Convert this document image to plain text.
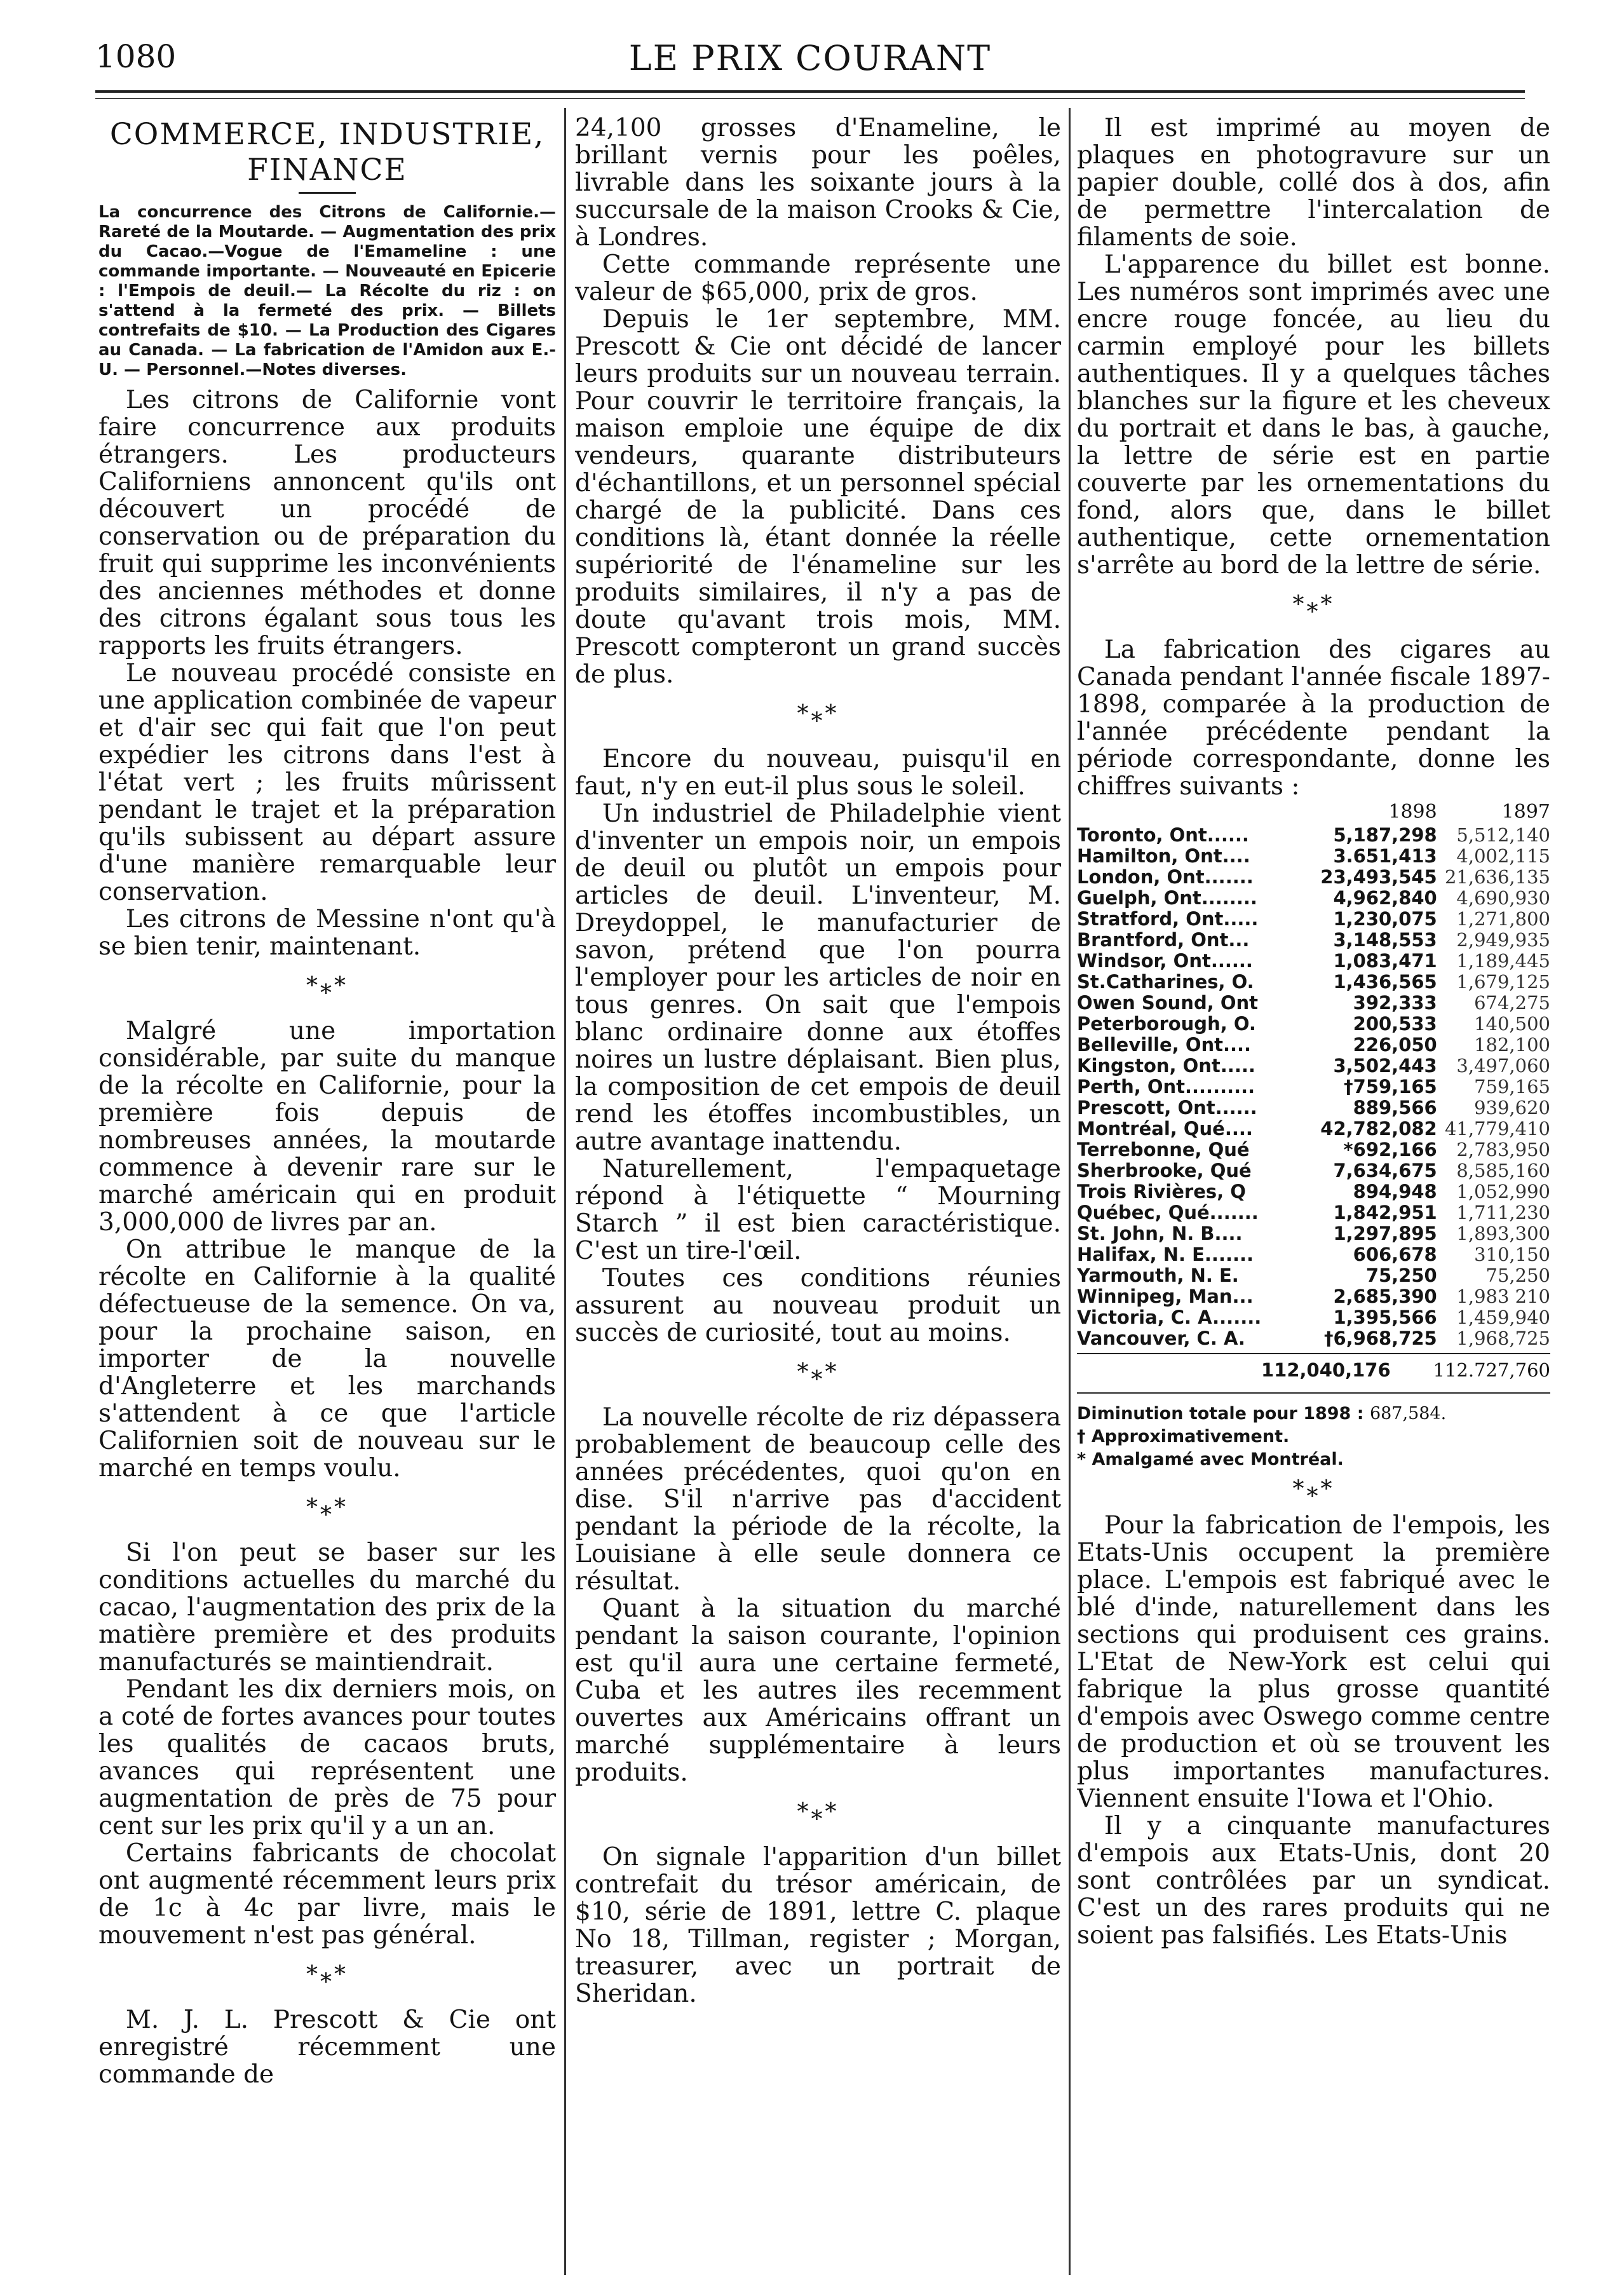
1080	LE PRIX COURANT
COMMERCE, INDUSTRIE,
FINANCE
La concurrence des Citrons de Californie.— Rareté de la Moutarde. — Augmentation des prix du Cacao.—Vogue de l'Emameline : une commande importante. — Nouveauté en Epicerie : l'Empois de deuil.— La Récolte du riz : on s'attend à la fermeté des prix. — Billets contrefaits de $10. — La Production des Cigares au Canada. — La fabrication de l'Amidon aux E.-U. — Personnel.—Notes diverses.

Les citrons de Californie vont faire concurrence aux produits étrangers. Les producteurs Californiens annoncent qu'ils ont découvert un procédé de conservation ou de préparation du fruit qui supprime les inconvénients des anciennes méthodes et donne des citrons égalant sous tous les rapports les fruits étrangers.

Le nouveau procédé consiste en une application combinée de vapeur et d'air sec qui fait que l'on peut expédier les citrons dans l'est à l'état vert ; les fruits mûrissent pendant le trajet et la préparation qu'ils subissent au départ assure d'une manière remarquable leur conservation.

Les citrons de Messine n'ont qu'à se bien tenir, maintenant.

*⁎*

Malgré une importation considérable, par suite du manque de la récolte en Californie, pour la première fois depuis de nombreuses années, la moutarde commence à devenir rare sur le marché américain qui en produit 3,000,000 de livres par an.

On attribue le manque de la récolte en Californie à la qualité défectueuse de la semence. On va, pour la prochaine saison, en importer de la nouvelle d'Angleterre et les marchands s'attendent à ce que l'article Californien soit de nouveau sur le marché en temps voulu.

*⁎*

Si l'on peut se baser sur les conditions actuelles du marché du cacao, l'augmentation des prix de la matière première et des produits manufacturés se maintiendrait.

Pendant les dix derniers mois, on a coté de fortes avances pour toutes les qualités de cacaos bruts, avances qui représentent une augmentation de près de 75 pour cent sur les prix qu'il y a un an.

Certains fabricants de chocolat ont augmenté récemment leurs prix de 1c à 4c par livre, mais le mouvement n'est pas général.

*⁎*

M. J. L. Prescott & Cie ont enregistré récemment une commande de

24,100 grosses d'Enameline, le brillant vernis pour les poêles, livrable dans les soixante jours à la succursale de la maison Crooks & Cie, à Londres.

Cette commande représente une valeur de $65,000, prix de gros.

Depuis le 1er septembre, MM. Prescott & Cie ont décidé de lancer leurs produits sur un nouveau terrain. Pour couvrir le territoire français, la maison emploie une équipe de dix vendeurs, quarante distributeurs d'échantillons, et un personnel spécial chargé de la publicité. Dans ces conditions là, étant donnée la réelle supériorité de l'énameline sur les produits similaires, il n'y a pas de doute qu'avant trois mois, MM. Prescott compteront un grand succès de plus.

*⁎*

Encore du nouveau, puisqu'il en faut, n'y en eut-il plus sous le soleil.

Un industriel de Philadelphie vient d'inventer un empois noir, un empois de deuil ou plutôt un empois pour articles de deuil. L'inventeur, M. Dreydoppel, le manufacturier de savon, prétend que l'on pourra l'employer pour les articles de noir en tous genres. On sait que l'empois blanc ordinaire donne aux étoffes noires un lustre déplaisant. Bien plus, la composition de cet empois de deuil rend les étoffes incombustibles, un autre avantage inattendu.

Naturellement, l'empaquetage répond à l'étiquette “ Mourning Starch ” il est bien caractéristique. C'est un tire-l'œil.

Toutes ces conditions réunies assurent au nouveau produit un succès de curiosité, tout au moins.

*⁎*

La nouvelle récolte de riz dépassera probablement de beaucoup celle des années précédentes, quoi qu'on en dise. S'il n'arrive pas d'accident pendant la période de la récolte, la Louisiane à elle seule donnera ce résultat.

Quant à la situation du marché pendant la saison courante, l'opinion est qu'il aura une certaine fermeté, Cuba et les autres iles recemment ouvertes aux Américains offrant un marché supplémentaire à leurs produits.

*⁎*

On signale l'apparition d'un billet contrefait du trésor américain, de $10, série de 1891, lettre C. plaque No 18, Tillman, register ; Morgan, treasurer, avec un portrait de Sheridan.

Il est imprimé au moyen de plaques en photogravure sur un papier double, collé dos à dos, afin de permettre l'intercalation de filaments de soie.

L'apparence du billet est bonne. Les numéros sont imprimés avec une encre rouge foncée, au lieu du carmin employé pour les billets authentiques. Il y a quelques tâches blanches sur la figure et les cheveux du portrait et dans le bas, à gauche, la lettre de série est en partie couverte par les ornementations du fond, alors que, dans le billet authentique, cette ornementation s'arrête au bord de la lettre de série.

*⁎*

La fabrication des cigares au Canada pendant l'année fiscale 1897-1898, comparée à la production de l'année précédente pendant la période correspondante, donne les chiffres suivants :

	1898	1897
Toronto, Ont......	5,187,298	5,512,140
Hamilton, Ont....	3.651,413	4,002,115
London, Ont.......	23,493,545	21,636,135
Guelph, Ont........	4,962,840	4,690,930
Stratford, Ont.....	1,230,075	1,271,800
Brantford, Ont...	3,148,553	2,949,935
Windsor, Ont......	1,083,471	1,189,445
St.Catharines, O.	1,436,565	1,679,125
Owen Sound, Ont	392,333	674,275
Peterborough, O.	200,533	140,500
Belleville, Ont....	226,050	182,100
Kingston, Ont.....	3,502,443	3,497,060
Perth, Ont..........	†759,165	759,165
Prescott, Ont......	889,566	939,620
Montréal, Qué....	42,782,082	41,779,410
Terrebonne, Qué	*692,166	2,783,950
Sherbrooke, Qué	7,634,675	8,585,160
Trois Rivières, Q	894,948	1,052,990
Québec, Qué.......	1,842,951	1,711,230
St. John, N. B....	1,297,895	1,893,300
Halifax, N. E.......	606,678	310,150
Yarmouth, N. E.	75,250	75,250
Winnipeg, Man...	2,685,390	1,983 210
Victoria, C. A.......	1,395,566	1,459,940
Vancouver, C. A.	†6,968,725	1,968,725
112,040,176 112.727,760
Diminution totale pour 1898 : 687,584.
† Approximativement.
* Amalgamé avec Montréal.
*⁎*

Pour la fabrication de l'empois, les Etats-Unis occupent la première place. L'empois est fabriqué avec le blé d'inde, naturellement dans les sections qui produisent ces grains. L'Etat de New-York est celui qui fabrique la plus grosse quantité d'empois avec Oswego comme centre de production et où se trouvent les plus importantes manufactures. Viennent ensuite l'Iowa et l'Ohio.

Il y a cinquante manufactures d'empois aux Etats-Unis, dont 20 sont contrôlées par un syndicat. C'est un des rares produits qui ne soient pas falsifiés. Les Etats-Unis
